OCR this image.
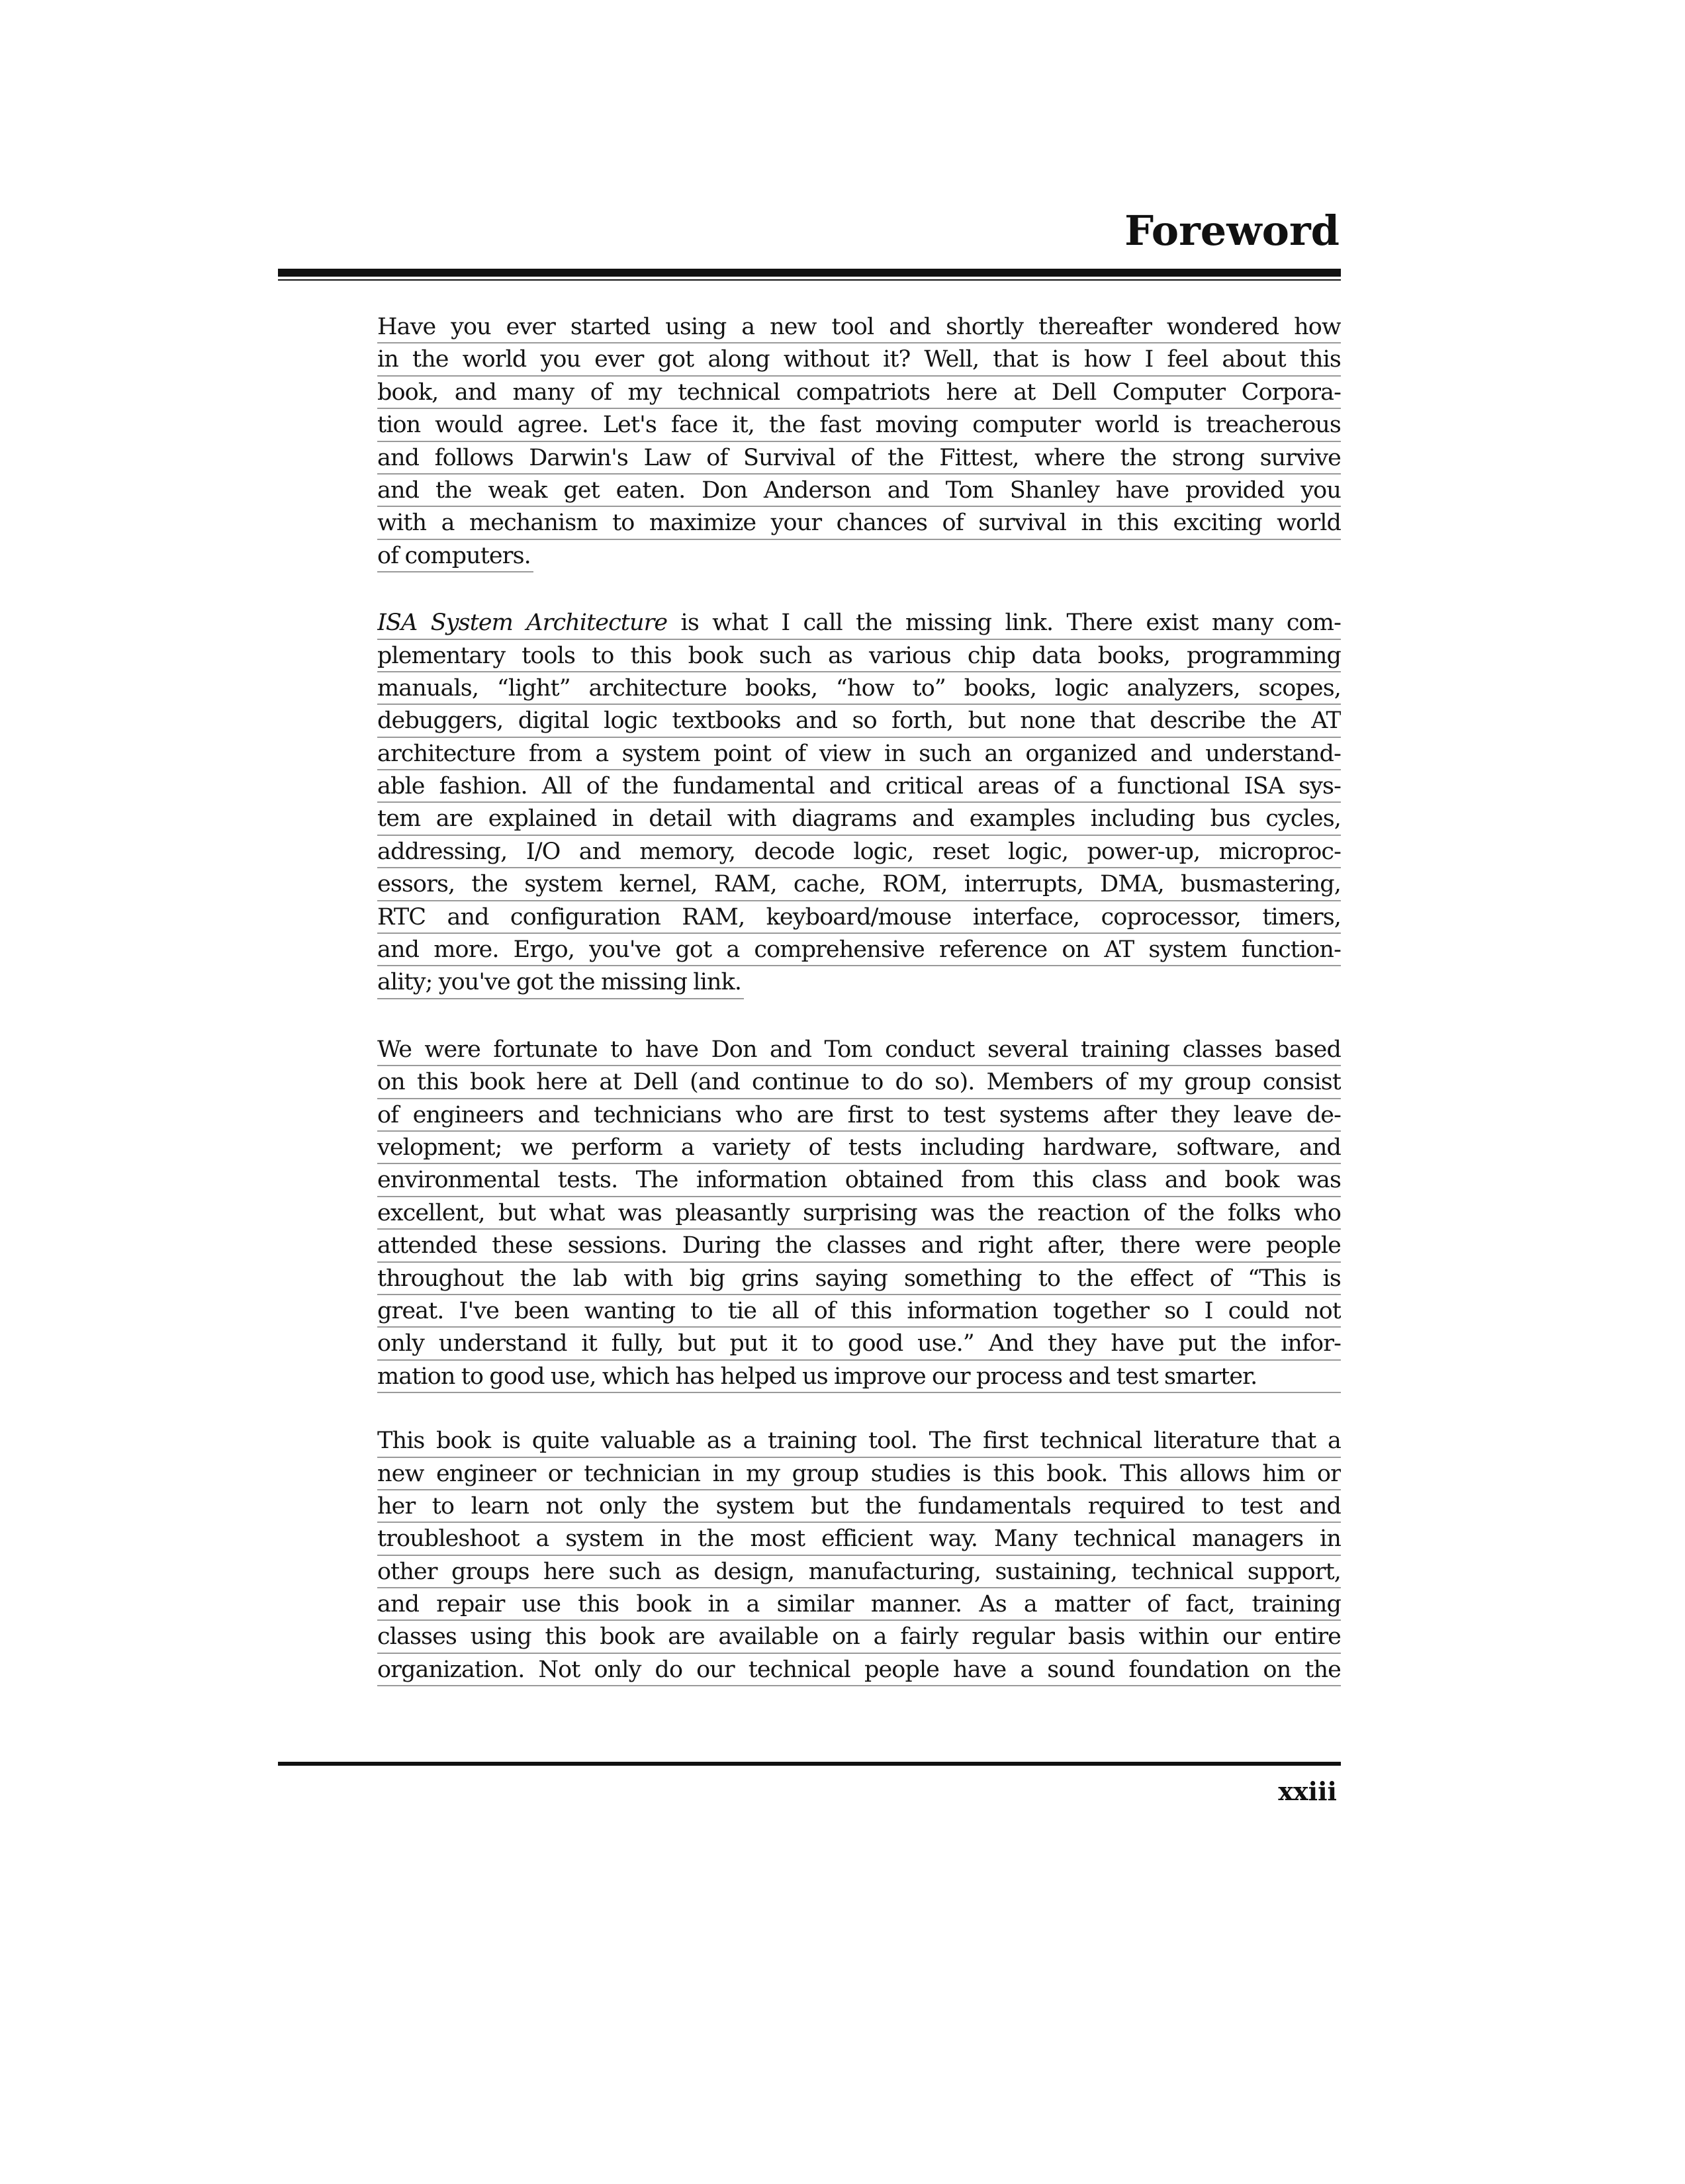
Foreword
Have you ever started using a new tool and shortly thereafter wondered how
in the world you ever got along without it? Well, that is how I feel about this
book, and many of my technical compatriots here at Dell Computer Corpora-
tion would agree. Let's face it, the fast moving computer world is treacherous
and follows Darwin's Law of Survival of the Fittest, where the strong survive
and the weak get eaten. Don Anderson and Tom Shanley have provided you
with a mechanism to maximize your chances of survival in this exciting world
of computers.
ISA System Architecture is what I call the missing link. There exist many com-
plementary tools to this book such as various chip data books, programming
manuals, “light” architecture books, “how to” books, logic analyzers, scopes,
debuggers, digital logic textbooks and so forth, but none that describe the AT
architecture from a system point of view in such an organized and understand-
able fashion. All of the fundamental and critical areas of a functional ISA sys-
tem are explained in detail with diagrams and examples including bus cycles,
addressing, I/O and memory, decode logic, reset logic, power-up, microproc-
essors, the system kernel, RAM, cache, ROM, interrupts, DMA, busmastering,
RTC and configuration RAM, keyboard/mouse interface, coprocessor, timers,
and more. Ergo, you've got a comprehensive reference on AT system function-
ality; you've got the missing link.
We were fortunate to have Don and Tom conduct several training classes based
on this book here at Dell (and continue to do so). Members of my group consist
of engineers and technicians who are first to test systems after they leave de-
velopment; we perform a variety of tests including hardware, software, and
environmental tests. The information obtained from this class and book was
excellent, but what was pleasantly surprising was the reaction of the folks who
attended these sessions. During the classes and right after, there were people
throughout the lab with big grins saying something to the effect of “This is
great. I've been wanting to tie all of this information together so I could not
only understand it fully, but put it to good use.” And they have put the infor-
mation to good use, which has helped us improve our process and test smarter.
This book is quite valuable as a training tool. The first technical literature that a
new engineer or technician in my group studies is this book. This allows him or
her to learn not only the system but the fundamentals required to test and
troubleshoot a system in the most efficient way. Many technical managers in
other groups here such as design, manufacturing, sustaining, technical support,
and repair use this book in a similar manner. As a matter of fact, training
classes using this book are available on a fairly regular basis within our entire
organization. Not only do our technical people have a sound foundation on the
xxiii
